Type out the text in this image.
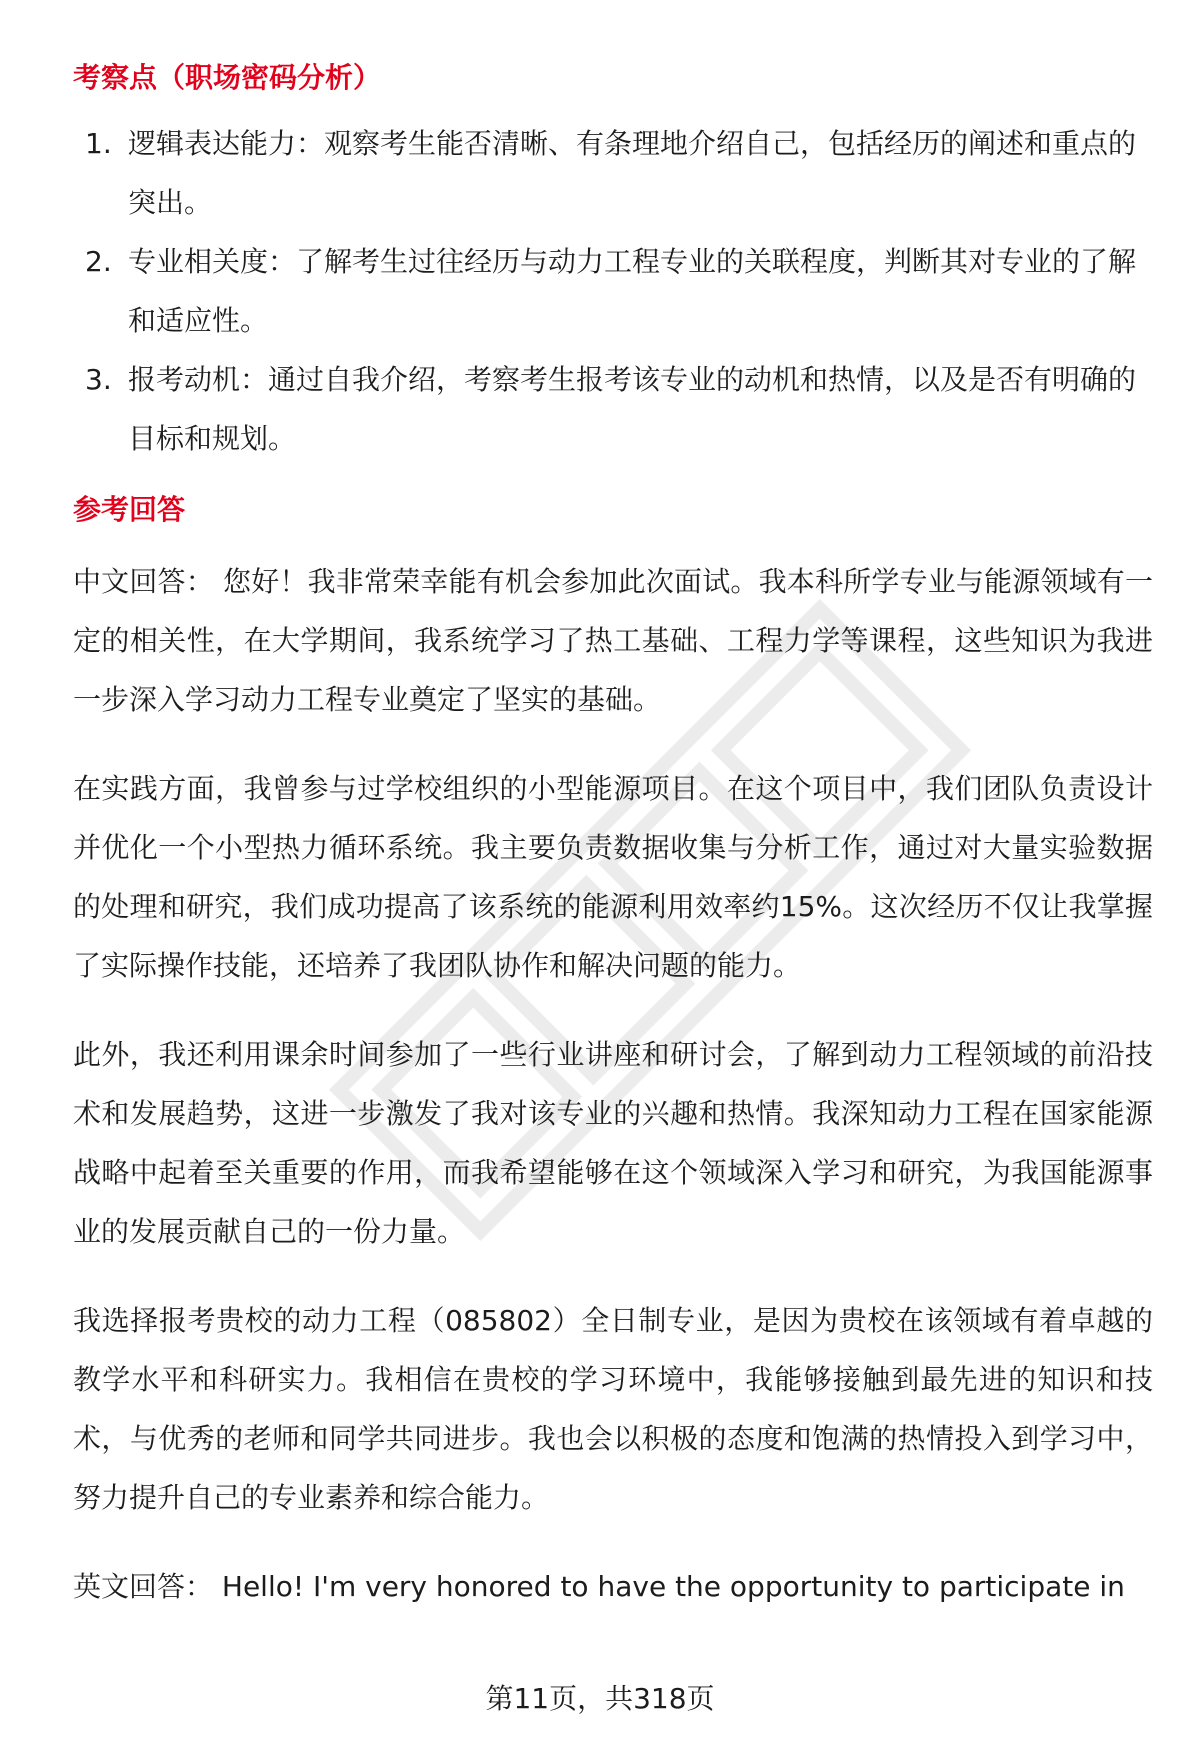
考察点（职场密码分析）
1. 逻辑表达能力：观察考生能否清晰、有条理地介绍自己，包括经历的阐述和重点的突出。
2. 专业相关度：了解考生过往经历与动力工程专业的关联程度，判断其对专业的了解和适应性。
3. 报考动机：通过自我介绍，考察考生报考该专业的动机和热情，以及是否有明确的目标和规划。
参考回答

中文回答： 您好！我非常荣幸能有机会参加此次面试。我本科所学专业与能源领域有一定的相关性，在大学期间，我系统学习了热工基础、工程力学等课程，这些知识为我进一步深入学习动力工程专业奠定了坚实的基础。

在实践方面，我曾参与过学校组织的小型能源项目。在这个项目中，我们团队负责设计并优化一个小型热力循环系统。我主要负责数据收集与分析工作，通过对大量实验数据的处理和研究，我们成功提高了该系统的能源利用效率约15%。这次经历不仅让我掌握了实际操作技能，还培养了我团队协作和解决问题的能力。

此外，我还利用课余时间参加了一些行业讲座和研讨会，了解到动力工程领域的前沿技术和发展趋势，这进一步激发了我对该专业的兴趣和热情。我深知动力工程在国家能源战略中起着至关重要的作用，而我希望能够在这个领域深入学习和研究，为我国能源事业的发展贡献自己的一份力量。

我选择报考贵校的动力工程（085802）全日制专业，是因为贵校在该领域有着卓越的教学水平和科研实力。我相信在贵校的学习环境中，我能够接触到最先进的知识和技术，与优秀的老师和同学共同进步。我也会以积极的态度和饱满的热情投入到学习中，努力提升自己的专业素养和综合能力。

英文回答： Hello! I'm very honored to have the opportunity to participate in

第11页，共318页
